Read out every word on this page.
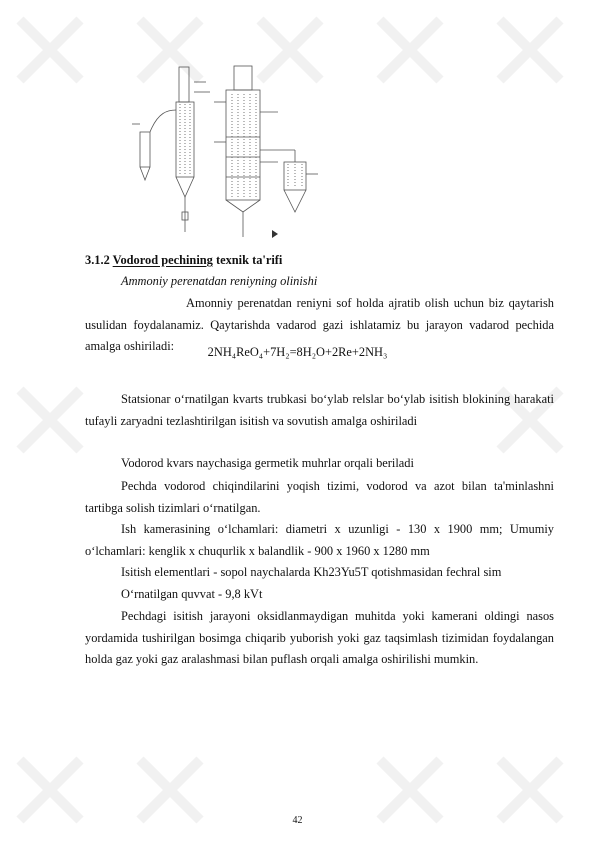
3.1.2 Vodorod pechining texnik ta'rifi
Ammoniy perenatdan reniyning olinishi

Amonniy perenatdan reniyni sof holda ajratib olish uchun biz qaytarish usulidan foydalanamiz. Qaytarishda vadarod gazi ishlatamiz bu jarayon vadarod pechida amalga oshiriladi:	2NH₄ReO₄+7H₂=8H₂O+2Re+2NH₃

Statsionar o‘rnatilgan kvarts trubkasi bo‘ylab relslar bo‘ylab isitish blokining harakati tufayli zaryadni tezlashtirilgan isitish va sovutish amalga oshiriladi

Vodorod kvars naychasiga germetik muhrlar orqali beriladi

Pechda vodorod chiqindilarini yoqish tizimi, vodorod va azot bilan ta'minlashni tartibga solish tizimlari o‘rnatilgan.

Ish kamerasining o‘lchamlari: diametri x uzunligi - 130 x 1900 mm; Umumiy o‘lchamlari: kenglik x chuqurlik x balandlik - 900 x 1960 x 1280 mm

Isitish elementlari - sopol naychalarda Kh23Yu5T qotishmasidan fechral sim

O‘rnatilgan quvvat - 9,8 kVt

Pechdagi isitish jarayoni oksidlanmaydigan muhitda yoki kamerani oldingi nasos yordamida tushirilgan bosimga chiqarib yuborish yoki gaz taqsimlash tizimidan foydalangan holda gaz yoki gaz aralashmasi bilan puflash orqali amalga oshirilishi mumkin.

42
